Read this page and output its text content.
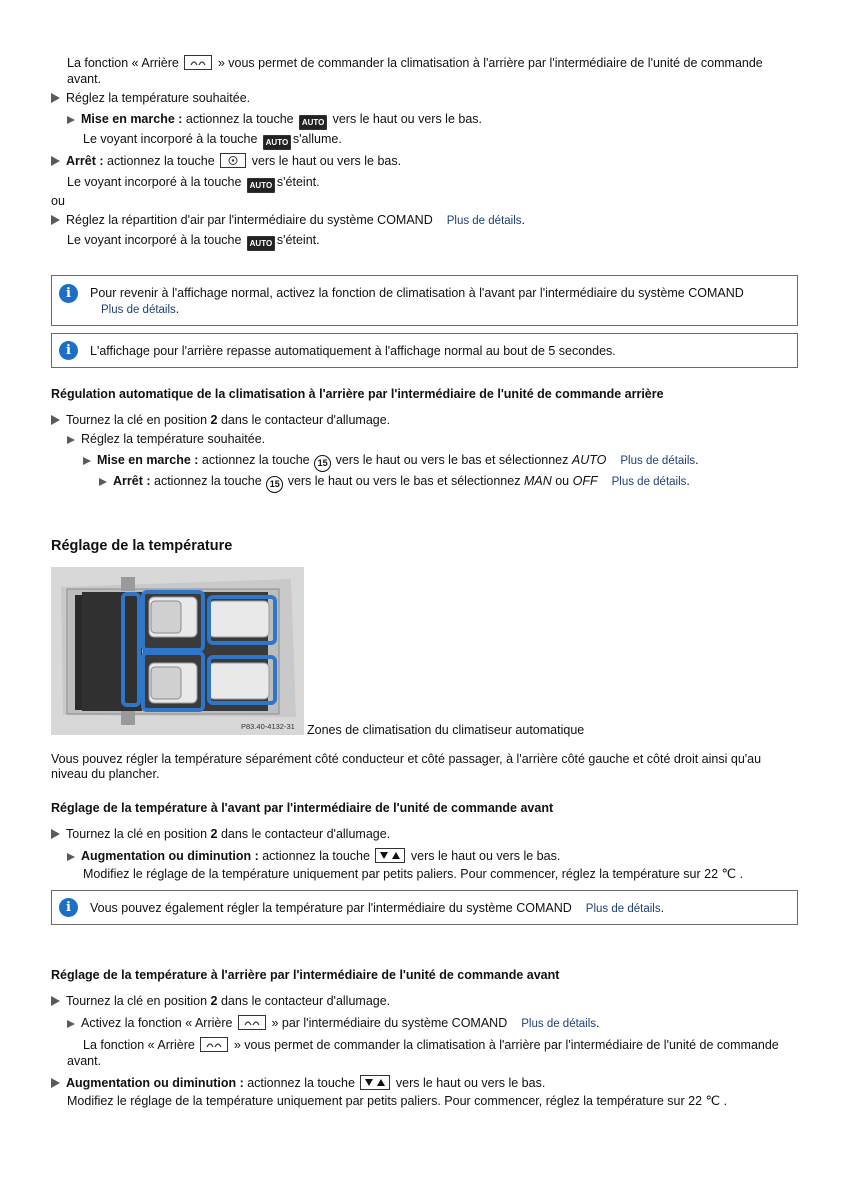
La fonction « Arrière	» vous permet de commander la climatisation à l'arrière par l'intermédiaire de l'unité de commande
avant.
Réglez la température souhaitée.
Mise en marche : actionnez la touche AUTO vers le haut ou vers le bas.
Le voyant incorporé à la touche AUTO s'allume.
Arrêt : actionnez la touche	vers le haut ou vers le bas.
Le voyant incorporé à la touche AUTO s'éteint.
ou
Réglez la répartition d'air par l'intermédiaire du système COMAND Plus de détails.
Le voyant incorporé à la touche AUTO s'éteint.
i	Pour revenir à l'affichage normal, activez la fonction de climatisation à l'avant par l'intermédiaire du système COMAND
Plus de détails.
i	L'affichage pour l'arrière repasse automatiquement à l'affichage normal au bout de 5 secondes.
Régulation automatique de la climatisation à l'arrière par l'intermédiaire de l'unité de commande arrière
Tournez la clé en position 2 dans le contacteur d'allumage.
Réglez la température souhaitée.
Mise en marche : actionnez la touche 15 vers le haut ou vers le bas et sélectionnez AUTO Plus de détails.
Arrêt : actionnez la touche 15 vers le haut ou vers le bas et sélectionnez MAN ou OFF Plus de détails.
Réglage de la température
P83.40-4132-31 Zones de climatisation du climatiseur automatique
Vous pouvez régler la température séparément côté conducteur et côté passager, à l'arrière côté gauche et côté droit ainsi qu'au
niveau du plancher.
Réglage de la température à l'avant par l'intermédiaire de l'unité de commande avant
Tournez la clé en position 2 dans le contacteur d'allumage.
Augmentation ou diminution : actionnez la touche	vers le haut ou vers le bas.
Modifiez le réglage de la température uniquement par petits paliers. Pour commencer, réglez la température sur 22 ℃ .
i	Vous pouvez également régler la température par l'intermédiaire du système COMAND Plus de détails.
Réglage de la température à l'arrière par l'intermédiaire de l'unité de commande avant
Tournez la clé en position 2 dans le contacteur d'allumage.
Activez la fonction « Arrière	» par l'intermédiaire du système COMAND Plus de détails.
La fonction « Arrière	» vous permet de commander la climatisation à l'arrière par l'intermédiaire de l'unité de commande
avant.
Augmentation ou diminution : actionnez la touche	vers le haut ou vers le bas.
Modifiez le réglage de la température uniquement par petits paliers. Pour commencer, réglez la température sur 22 ℃ .
